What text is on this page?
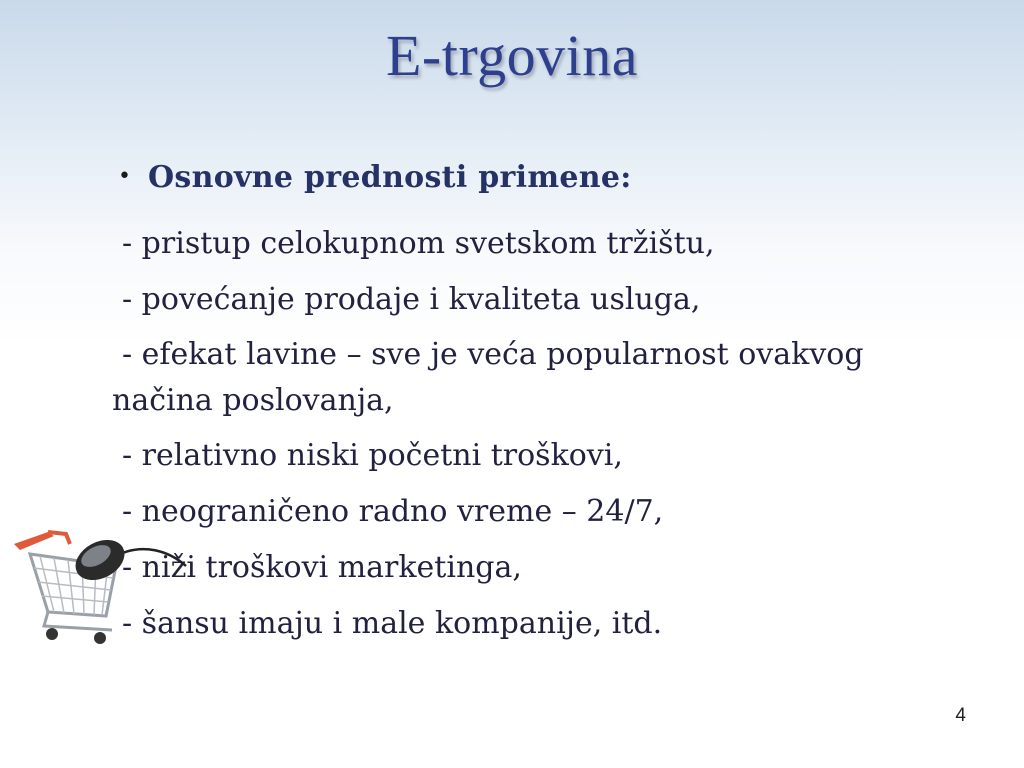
E-trgovina
• Osnovne prednosti primene:
- pristup celokupnom svetskom tržištu,
- povećanje prodaje i kvaliteta usluga,
- efekat lavine – sve je veća popularnost ovakvog načina poslovanja,
- relativno niski početni troškovi,
- neograničeno radno vreme – 24/7,
- niži troškovi marketinga,
- šansu imaju i male kompanije, itd.
4
